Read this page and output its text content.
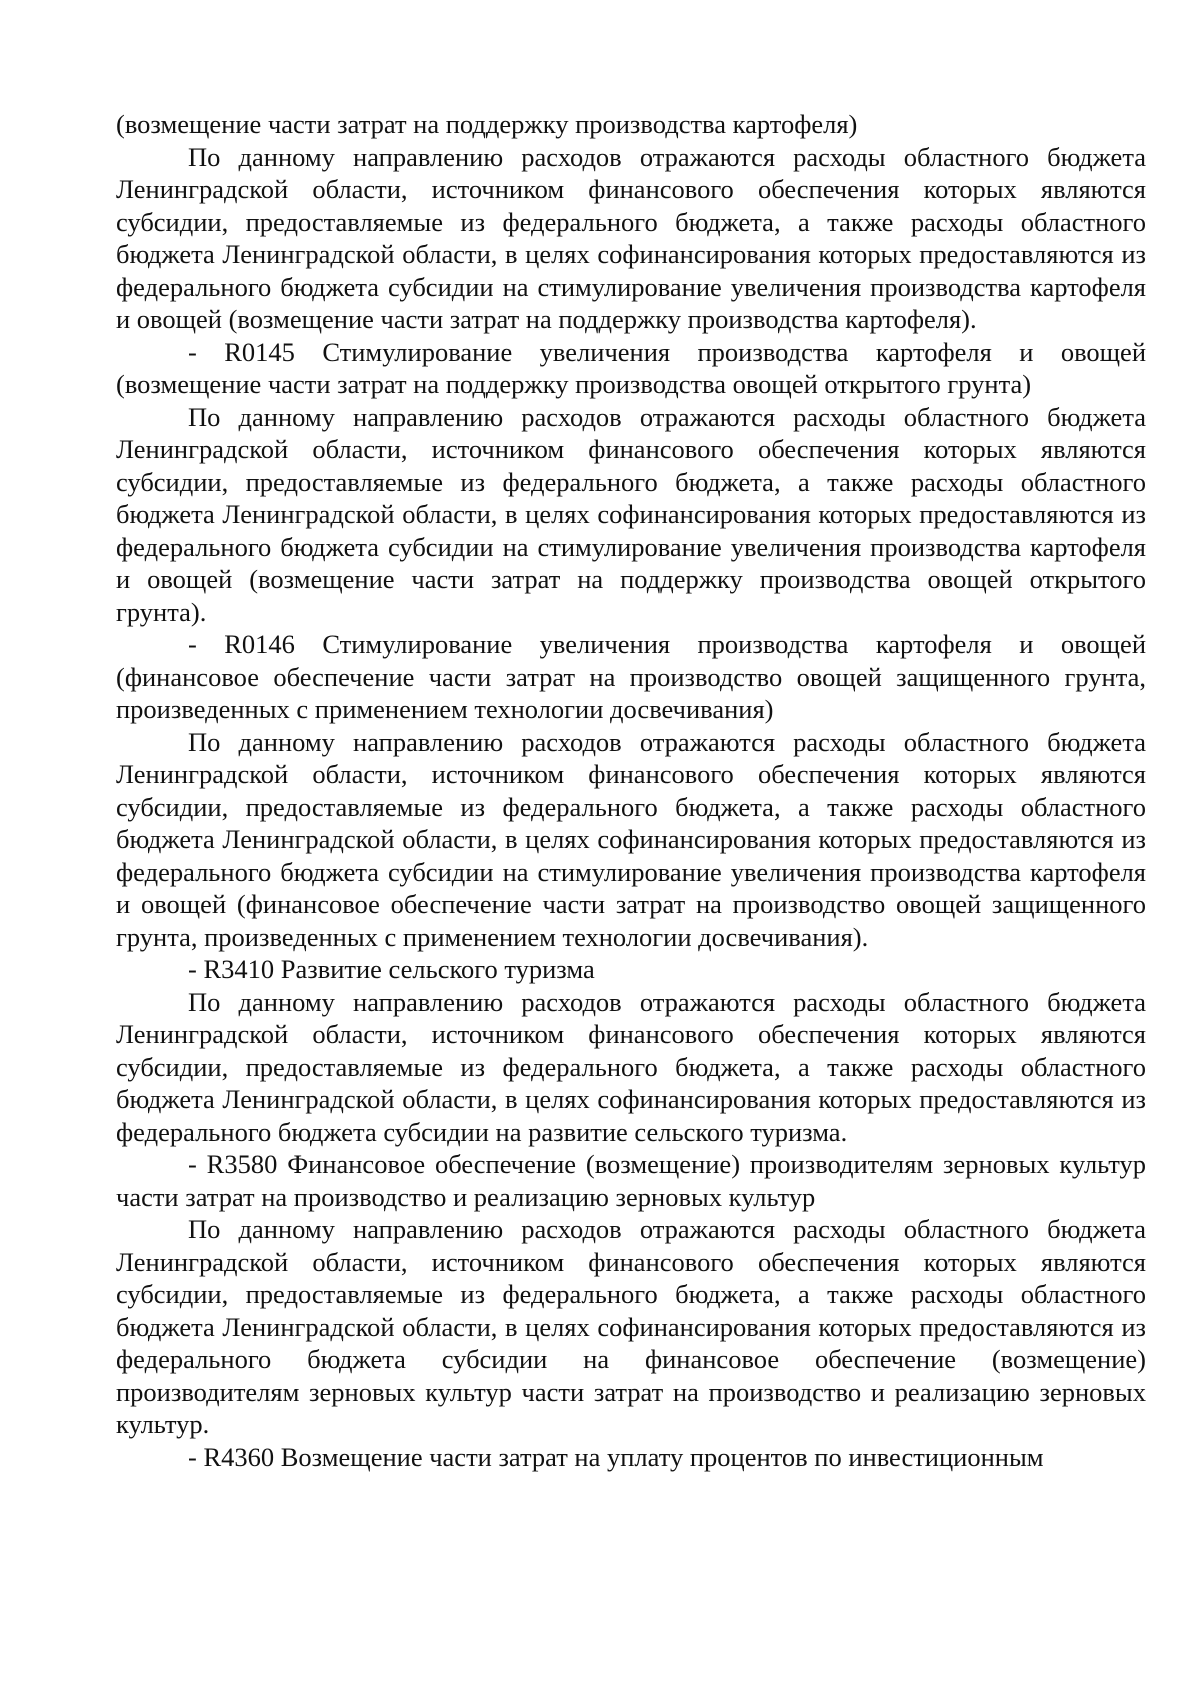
(возмещение части затрат на поддержку производства картофеля)

По данному направлению расходов отражаются расходы областного бюджета Ленинградской области, источником финансового обеспечения которых являются субсидии, предоставляемые из федерального бюджета, а также расходы областного бюджета Ленинградской области, в целях софинансирования которых предоставляются из федерального бюджета субсидии на стимулирование увеличения производства картофеля и овощей (возмещение части затрат на поддержку производства картофеля).

- R0145 Стимулирование увеличения производства картофеля и овощей (возмещение части затрат на поддержку производства овощей открытого грунта)

По данному направлению расходов отражаются расходы областного бюджета Ленинградской области, источником финансового обеспечения которых являются субсидии, предоставляемые из федерального бюджета, а также расходы областного бюджета Ленинградской области, в целях софинансирования которых предоставляются из федерального бюджета субсидии на стимулирование увеличения производства картофеля и овощей (возмещение части затрат на поддержку производства овощей открытого грунта).

- R0146 Стимулирование увеличения производства картофеля и овощей (финансовое обеспечение части затрат на производство овощей защищенного грунта, произведенных с применением технологии досвечивания)

По данному направлению расходов отражаются расходы областного бюджета Ленинградской области, источником финансового обеспечения которых являются субсидии, предоставляемые из федерального бюджета, а также расходы областного бюджета Ленинградской области, в целях софинансирования которых предоставляются из федерального бюджета субсидии на стимулирование увеличения производства картофеля и овощей (финансовое обеспечение части затрат на производство овощей защищенного грунта, произведенных с применением технологии досвечивания).

- R3410 Развитие сельского туризма

По данному направлению расходов отражаются расходы областного бюджета Ленинградской области, источником финансового обеспечения которых являются субсидии, предоставляемые из федерального бюджета, а также расходы областного бюджета Ленинградской области, в целях софинансирования которых предоставляются из федерального бюджета субсидии на развитие сельского туризма.

- R3580 Финансовое обеспечение (возмещение) производителям зерновых культур части затрат на производство и реализацию зерновых культур

По данному направлению расходов отражаются расходы областного бюджета Ленинградской области, источником финансового обеспечения которых являются субсидии, предоставляемые из федерального бюджета, а также расходы областного бюджета Ленинградской области, в целях софинансирования которых предоставляются из федерального бюджета субсидии на финансовое обеспечение (возмещение) производителям зерновых культур части затрат на производство и реализацию зерновых культур.

- R4360 Возмещение части затрат на уплату процентов по инвестиционным
